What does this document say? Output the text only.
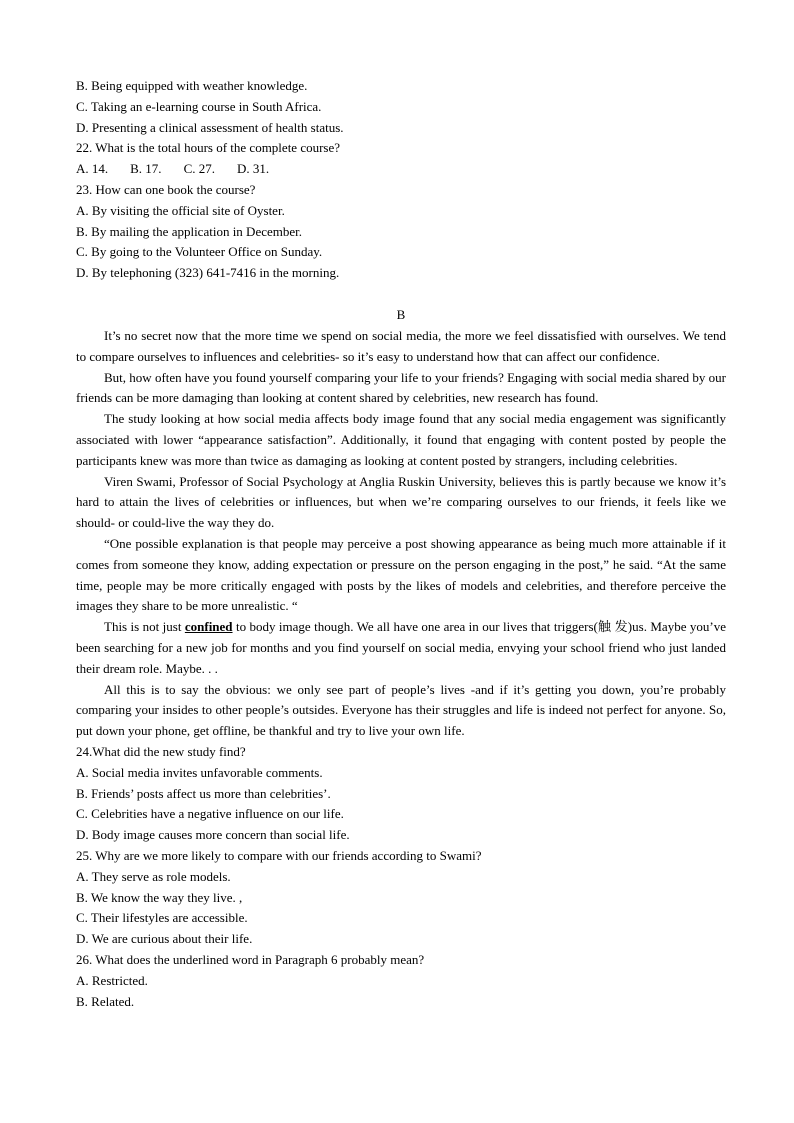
B. Being equipped with weather knowledge.
C. Taking an e-learning course in South Africa.
D. Presenting a clinical assessment of health status.
22. What is the total hours of the complete course?
A. 14. B. 17. C. 27. D. 31.
23. How can one book the course?
A. By visiting the official site of Oyster.
B. By mailing the application in December.
C. By going to the Volunteer Office on Sunday.
D. By telephoning (323) 641-7416 in the morning.
B

It’s no secret now that the more time we spend on social media, the more we feel dissatisfied with ourselves. We tend to compare ourselves to influences and celebrities- so it’s easy to understand how that can affect our confidence.

But, how often have you found yourself comparing your life to your friends? Engaging with social media shared by our friends can be more damaging than looking at content shared by celebrities, new research has found.

The study looking at how social media affects body image found that any social media engagement was significantly associated with lower “appearance satisfaction”. Additionally, it found that engaging with content posted by people the participants knew was more than twice as damaging as looking at content posted by strangers, including celebrities.

Viren Swami, Professor of Social Psychology at Anglia Ruskin University, believes this is partly because we know it’s hard to attain the lives of celebrities or influences, but when we’re comparing ourselves to our friends, it feels like we should- or could-live the way they do.

“One possible explanation is that people may perceive a post showing appearance as being much more attainable if it comes from someone they know, adding expectation or pressure on the person engaging in the post,” he said. “At the same time, people may be more critically engaged with posts by the likes of models and celebrities, and therefore perceive the images they share to be more unrealistic. “

This is not just confined to body image though. We all have one area in our lives that triggers(触 发)us. Maybe you’ve been searching for a new job for months and you find yourself on social media, envying your school friend who just landed their dream role. Maybe. . .

All this is to say the obvious: we only see part of people’s lives -and if it’s getting you down, you’re probably comparing your insides to other people’s outsides. Everyone has their struggles and life is indeed not perfect for anyone. So, put down your phone, get offline, be thankful and try to live your own life.

24.What did the new study find?
A. Social media invites unfavorable comments.
B. Friends’ posts affect us more than celebrities’.
C. Celebrities have a negative influence on our life.
D. Body image causes more concern than social life.
25. Why are we more likely to compare with our friends according to Swami?
A. They serve as role models.
B. We know the way they live. ,
C. Their lifestyles are accessible.
D. We are curious about their life.
26. What does the underlined word in Paragraph 6 probably mean?
A. Restricted.
B. Related.
